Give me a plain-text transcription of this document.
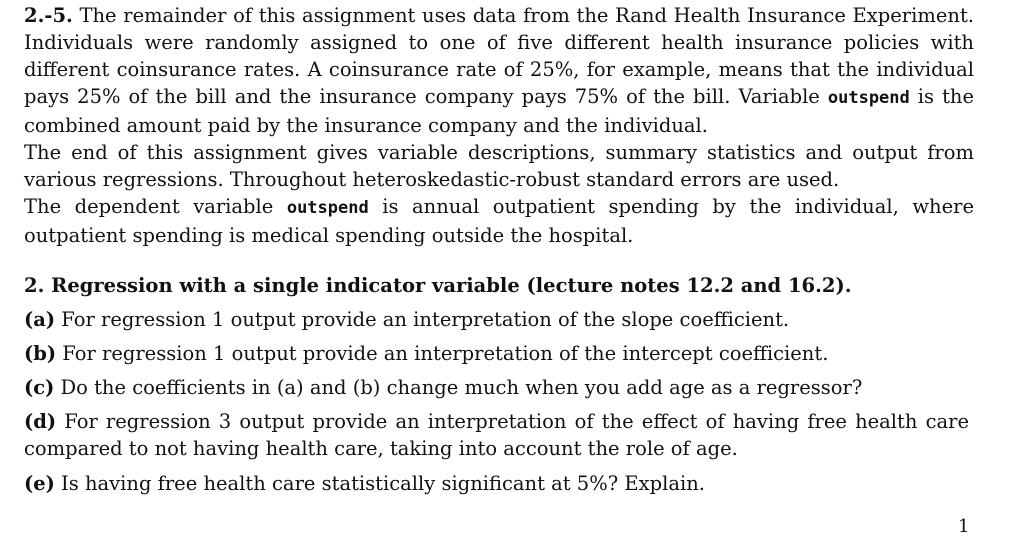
2.-5. The remainder of this assignment uses data from the Rand Health Insurance Experiment. Individuals were randomly assigned to one of five different health insurance policies with different coinsurance rates. A coinsurance rate of 25%, for example, means that the individual pays 25% of the bill and the insurance company pays 75% of the bill. Variable outspend is the combined amount paid by the insurance company and the individual.
The end of this assignment gives variable descriptions, summary statistics and output from various regressions. Throughout heteroskedastic-robust standard errors are used.
The dependent variable outspend is annual outpatient spending by the individual, where outpatient spending is medical spending outside the hospital.

2. Regression with a single indicator variable (lecture notes 12.2 and 16.2).

(a) For regression 1 output provide an interpretation of the slope coefficient.

(b) For regression 1 output provide an interpretation of the intercept coefficient.

(c) Do the coefficients in (a) and (b) change much when you add age as a regressor?

(d) For regression 3 output provide an interpretation of the effect of having free health care compared to not having health care, taking into account the role of age.

(e) Is having free health care statistically significant at 5%? Explain.

1
